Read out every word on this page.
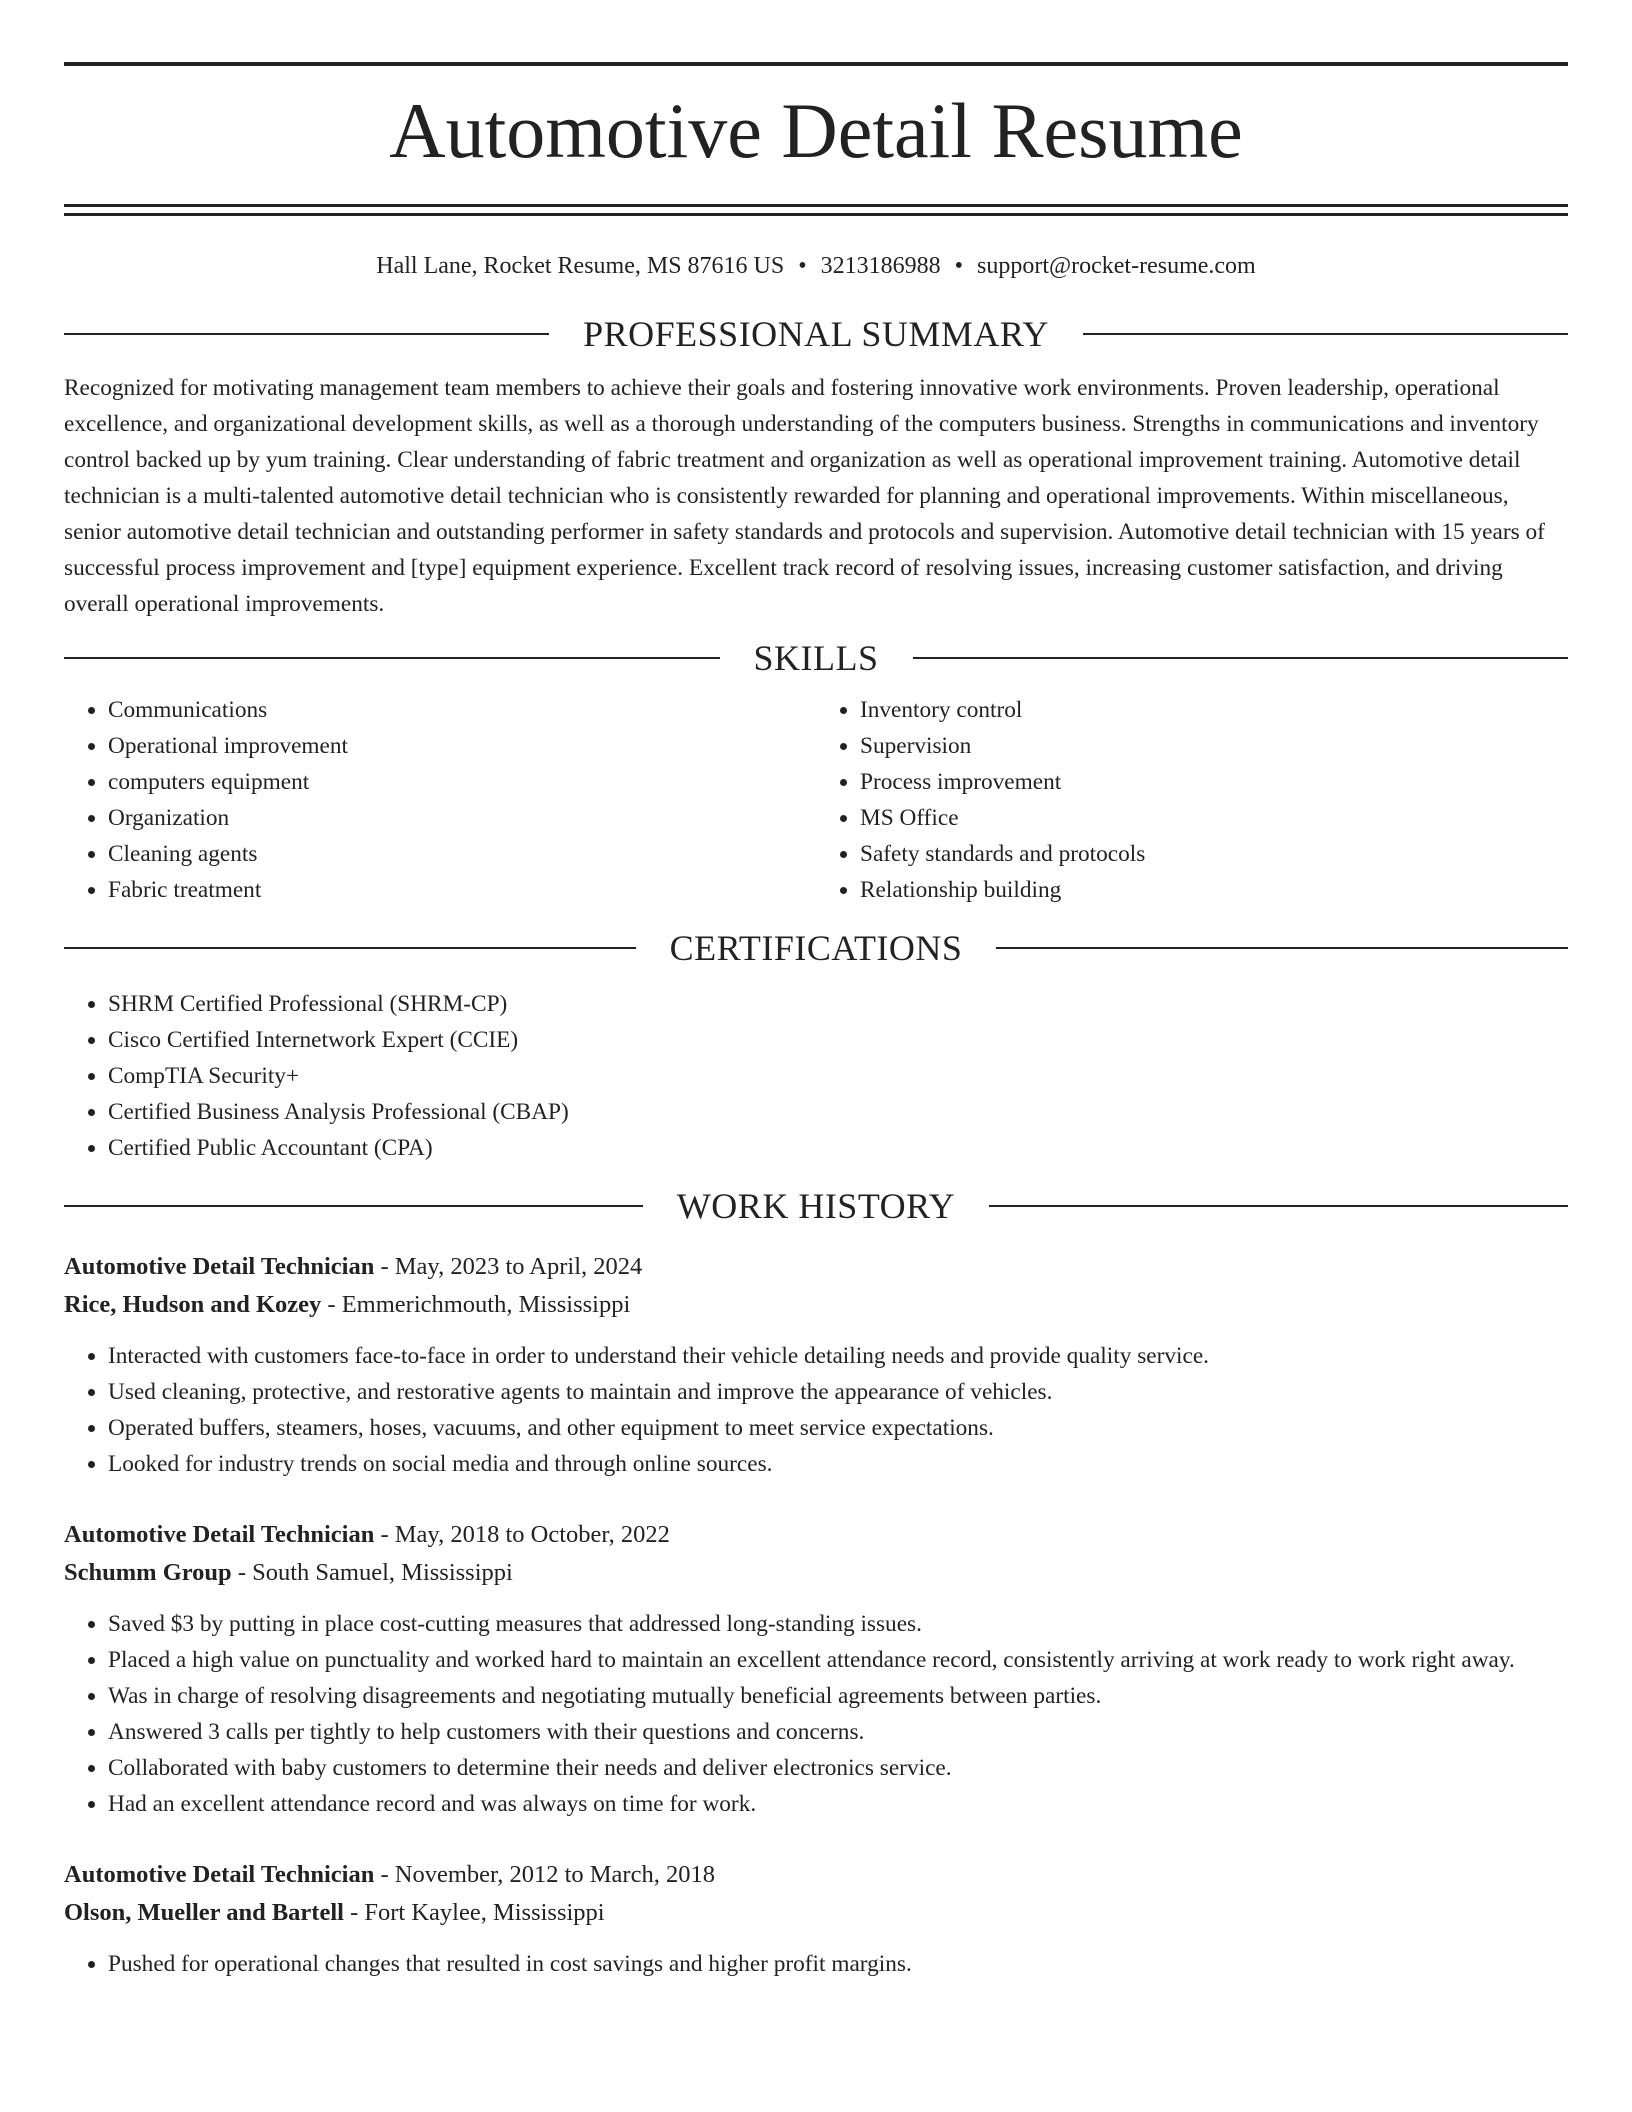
Automotive Detail Resume
Hall Lane, Rocket Resume, MS 87616 US • 3213186988 • support@rocket-resume.com
PROFESSIONAL SUMMARY

Recognized for motivating management team members to achieve their goals and fostering innovative work environments. Proven leadership, operational excellence, and organizational development skills, as well as a thorough understanding of the computers business. Strengths in communications and inventory control backed up by yum training. Clear understanding of fabric treatment and organization as well as operational improvement training. Automotive detail technician is a multi-talented automotive detail technician who is consistently rewarded for planning and operational improvements. Within miscellaneous, senior automotive detail technician and outstanding performer in safety standards and protocols and supervision. Automotive detail technician with 15 years of successful process improvement and [type] equipment experience. Excellent track record of resolving issues, increasing customer satisfaction, and driving overall operational improvements.

SKILLS
• Communications
• Operational improvement
• computers equipment
• Organization
• Cleaning agents
• Fabric treatment
• Inventory control
• Supervision
• Process improvement
• MS Office
• Safety standards and protocols
• Relationship building
CERTIFICATIONS
• SHRM Certified Professional (SHRM-CP)
• Cisco Certified Internetwork Expert (CCIE)
• CompTIA Security+
• Certified Business Analysis Professional (CBAP)
• Certified Public Accountant (CPA)
WORK HISTORY
Automotive Detail Technician - May, 2023 to April, 2024
Rice, Hudson and Kozey - Emmerichmouth, Mississippi
• Interacted with customers face-to-face in order to understand their vehicle detailing needs and provide quality service.
• Used cleaning, protective, and restorative agents to maintain and improve the appearance of vehicles.
• Operated buffers, steamers, hoses, vacuums, and other equipment to meet service expectations.
• Looked for industry trends on social media and through online sources.
Automotive Detail Technician - May, 2018 to October, 2022
Schumm Group - South Samuel, Mississippi
• Saved $3 by putting in place cost-cutting measures that addressed long-standing issues.
• Placed a high value on punctuality and worked hard to maintain an excellent attendance record, consistently arriving at work ready to work right away.
• Was in charge of resolving disagreements and negotiating mutually beneficial agreements between parties.
• Answered 3 calls per tightly to help customers with their questions and concerns.
• Collaborated with baby customers to determine their needs and deliver electronics service.
• Had an excellent attendance record and was always on time for work.
Automotive Detail Technician - November, 2012 to March, 2018
Olson, Mueller and Bartell - Fort Kaylee, Mississippi
• Pushed for operational changes that resulted in cost savings and higher profit margins.
